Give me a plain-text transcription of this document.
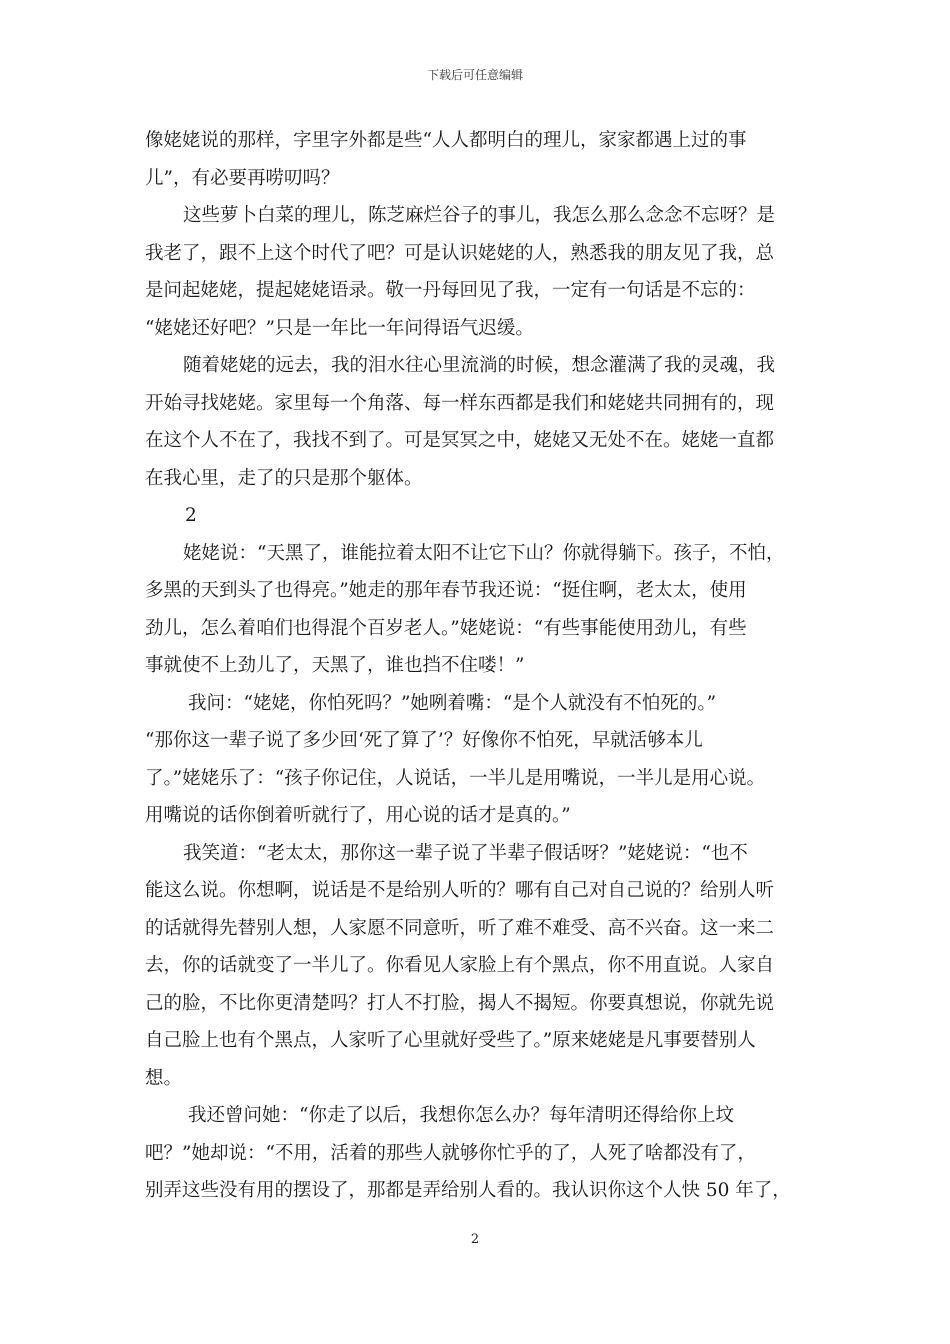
下载后可任意编辑
像姥姥说的那样，字里字外都是些“人人都明白的理儿，家家都遇上过的事
儿”，有必要再唠叨吗？
这些萝卜白菜的理儿，陈芝麻烂谷子的事儿，我怎么那么念念不忘呀？是
我老了，跟不上这个时代了吧？可是认识姥姥的人，熟悉我的朋友见了我，总
是问起姥姥，提起姥姥语录。敬一丹每回见了我，一定有一句话是不忘的：
“姥姥还好吧？”只是一年比一年问得语气迟缓。
随着姥姥的远去，我的泪水往心里流淌的时候，想念灌满了我的灵魂，我
开始寻找姥姥。家里每一个角落、每一样东西都是我们和姥姥共同拥有的，现
在这个人不在了，我找不到了。可是冥冥之中，姥姥又无处不在。姥姥一直都
在我心里，走了的只是那个躯体。
2
姥姥说：“天黑了，谁能拉着太阳不让它下山？你就得躺下。孩子，不怕，
多黑的天到头了也得亮。”她走的那年春节我还说：“挺住啊，老太太，使用
劲儿，怎么着咱们也得混个百岁老人。”姥姥说：“有些事能使用劲儿，有些
事就使不上劲儿了，天黑了，谁也挡不住喽！”
我问：“姥姥，你怕死吗？”她咧着嘴：“是个人就没有不怕死的。”
“那你这一辈子说了多少回‘死了算了’？好像你不怕死，早就活够本儿
了。”姥姥乐了：“孩子你记住，人说话，一半儿是用嘴说，一半儿是用心说。
用嘴说的话你倒着听就行了，用心说的话才是真的。”
我笑道：“老太太，那你这一辈子说了半辈子假话呀？”姥姥说：“也不
能这么说。你想啊，说话是不是给别人听的？哪有自己对自己说的？给别人听
的话就得先替别人想，人家愿不同意听，听了难不难受、高不兴奋。这一来二
去，你的话就变了一半儿了。你看见人家脸上有个黑点，你不用直说。人家自
己的脸，不比你更清楚吗？打人不打脸，揭人不揭短。你要真想说，你就先说
自己脸上也有个黑点，人家听了心里就好受些了。”原来姥姥是凡事要替别人
想。
我还曾问她：“你走了以后，我想你怎么办？每年清明还得给你上坟
吧？”她却说：“不用，活着的那些人就够你忙乎的了，人死了啥都没有了，
别弄这些没有用的摆设了，那都是弄给别人看的。我认识你这个人快 50 年了，
2
